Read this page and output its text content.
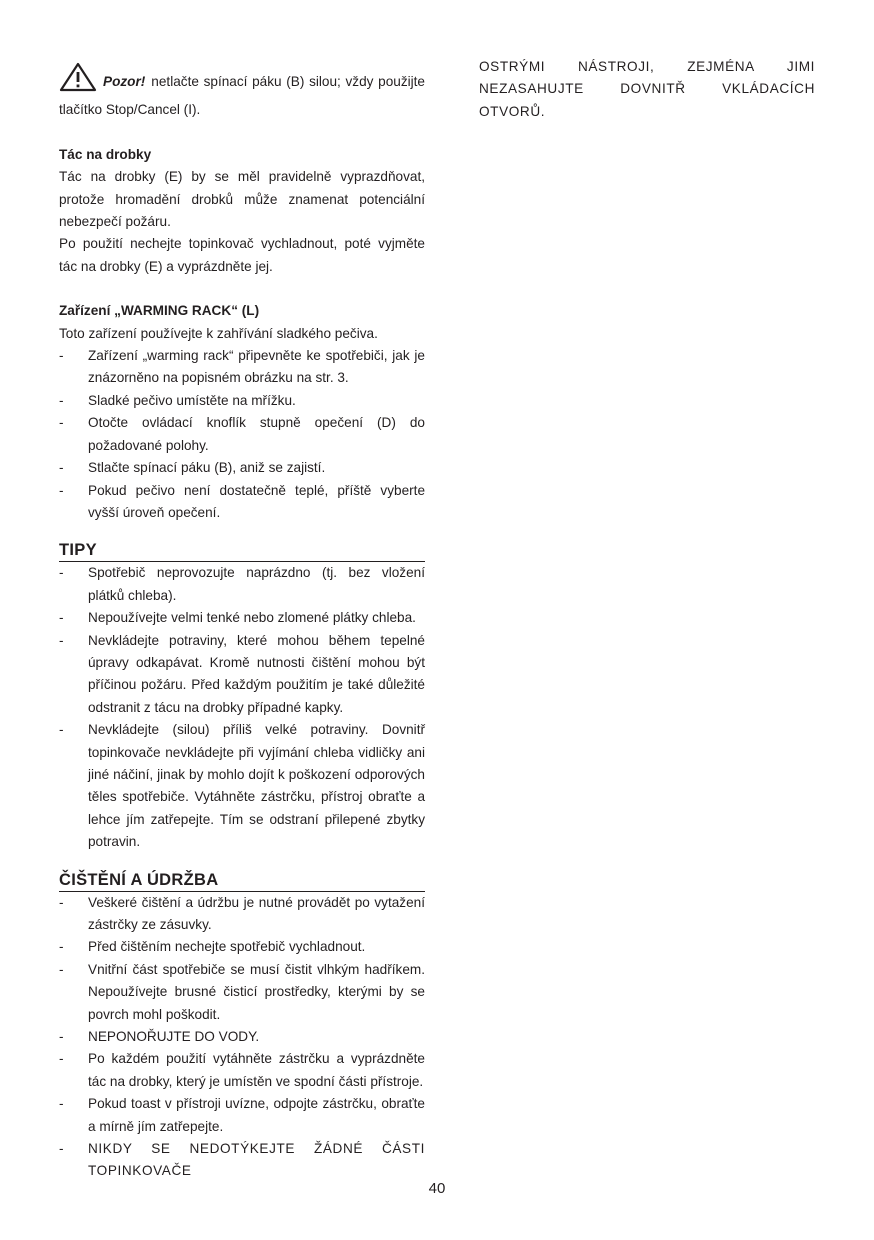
Pozor! netlačte spínací páku (B) silou; vždy použijte tlačítko Stop/Cancel (I).

Tác na drobky

Tác na drobky (E) by se měl pravidelně vyprazdňovat, protože hromadění drobků může znamenat potenciální nebezpečí požáru.

Po použití nechejte topinkovač vychladnout, poté vyjměte tác na drobky (E) a vyprázdněte jej.

Zařízení „WARMING RACK“ (L)

Toto zařízení používejte k zahřívání sladkého pečiva.

- Zařízení „warming rack“ připevněte ke spotřebiči, jak je znázorněno na popisném obrázku na str. 3.
- Sladké pečivo umístěte na mřížku.
- Otočte ovládací knoflík stupně opečení (D) do požadované polohy.
- Stlačte spínací páku (B), aniž se zajistí.
- Pokud pečivo není dostatečně teplé, příště vyberte vyšší úroveň opečení.
TIPY
- Spotřebič neprovozujte naprázdno (tj. bez vložení plátků chleba).
- Nepoužívejte velmi tenké nebo zlomené plátky chleba.
- Nevkládejte potraviny, které mohou během tepelné úpravy odkapávat. Kromě nutnosti čištění mohou být příčinou požáru. Před každým použitím je také důležité odstranit z tácu na drobky případné kapky.
- Nevkládejte (silou) příliš velké potraviny. Dovnitř topinkovače nevkládejte při vyjímání chleba vidličky ani jiné náčiní, jinak by mohlo dojít k poškození odporových těles spotřebiče. Vytáhněte zástrčku, přístroj obraťte a lehce jím zatřepejte. Tím se odstraní přilepené zbytky potravin.
ČIŠTĚNÍ A ÚDRŽBA
- Veškeré čištění a údržbu je nutné provádět po vytažení zástrčky ze zásuvky.
- Před čištěním nechejte spotřebič vychladnout.
- Vnitřní část spotřebiče se musí čistit vlhkým hadříkem. Nepoužívejte brusné čisticí prostředky, kterými by se povrch mohl poškodit.
- NEPONOŘUJTE DO VODY.
- Po každém použití vytáhněte zástrčku a vyprázdněte tác na drobky, který je umístěn ve spodní části přístroje.
- Pokud toast v přístroji uvízne, odpojte zástrčku, obraťte a mírně jím zatřepejte.
- NIKDY SE NEDOTÝKEJTE ŽÁDNÉ ČÁSTI TOPINKOVAČE

OSTRÝMI NÁSTROJI, ZEJMÉNA JIMI NEZASAHUJTE DOVNITŘ VKLÁDACÍCH OTVORŮ.

40
